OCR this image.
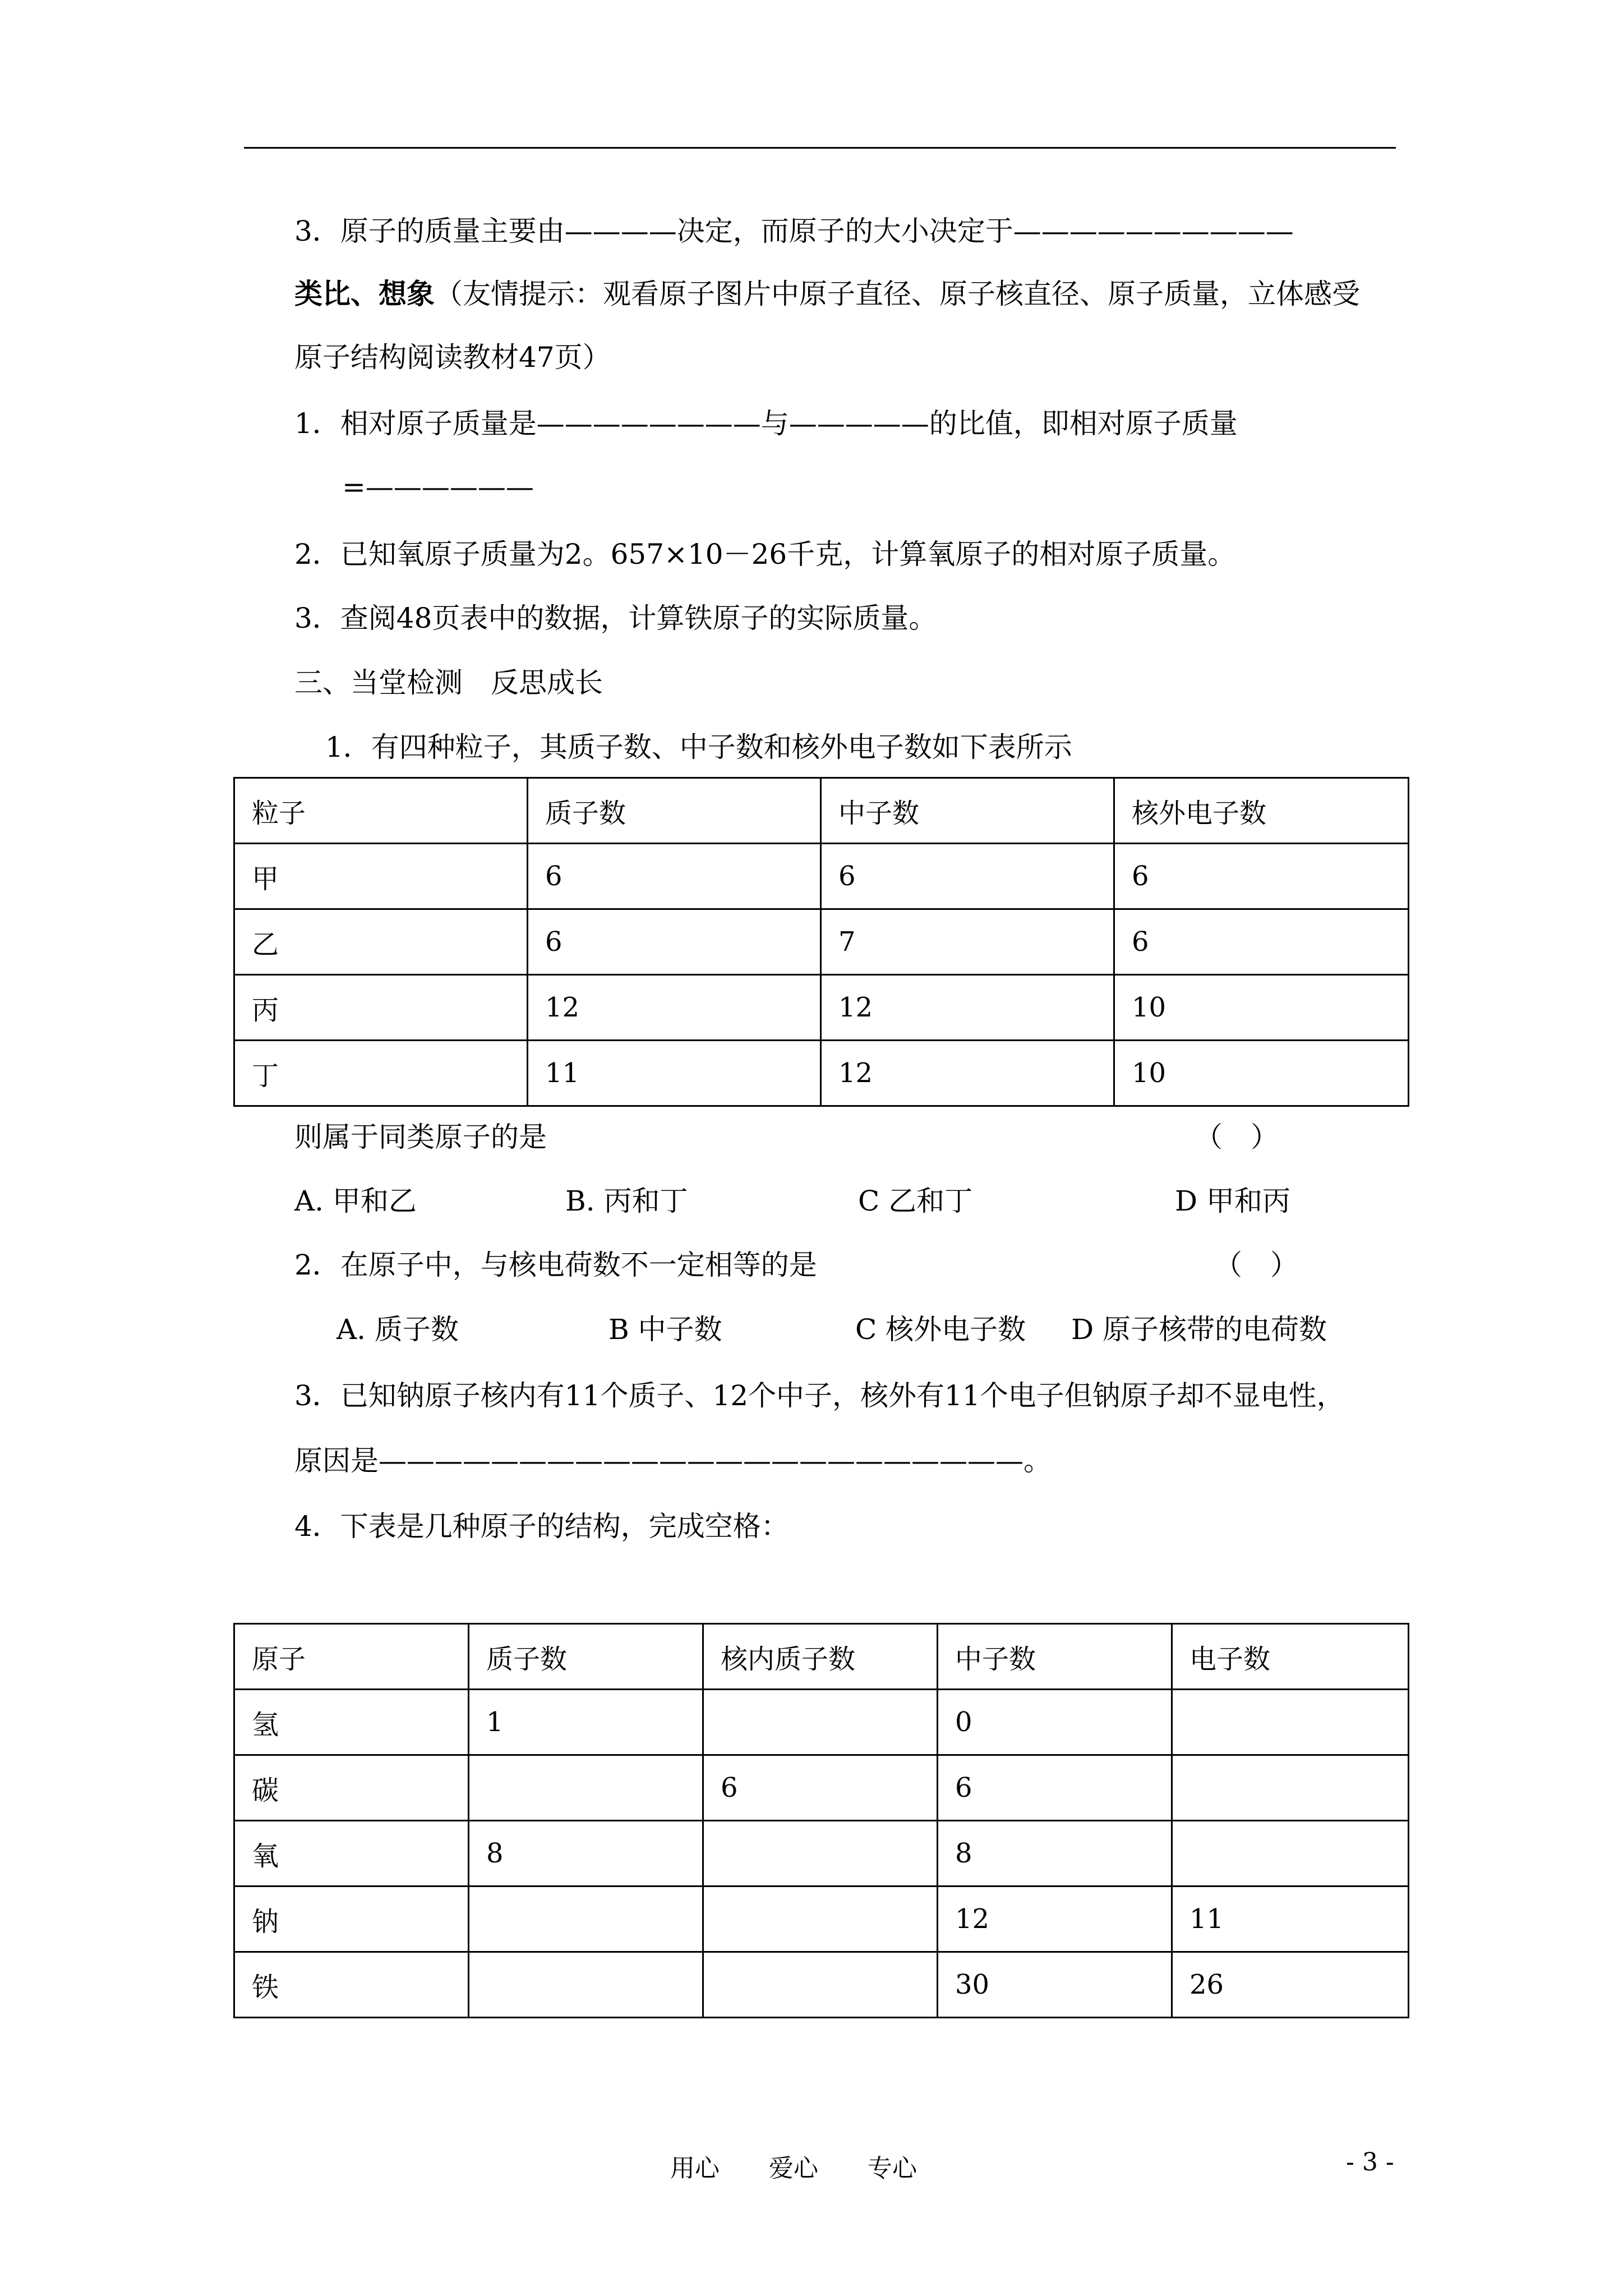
3．原子的质量主要由————决定，而原子的大小决定于——————————
类比、想象（友情提示：观看原子图片中原子直径、原子核直径、原子质量，立体感受
原子结构阅读教材47页）
1．相对原子质量是————————与—————的比值，即相对原子质量
=——————
2．已知氧原子质量为2。657×10－26千克，计算氧原子的相对原子质量。
3．查阅48页表中的数据，计算铁原子的实际质量。
三、当堂检测　反思成长
1．有四种粒子，其质子数、中子数和核外电子数如下表所示
粒子	质子数	中子数	核外电子数
甲	6	6	6
乙	6	7	6
丙	12	12	10
丁	11	12	10
则属于同类原子的是	（　）
A. 甲和乙	B. 丙和丁	C 乙和丁	D 甲和丙
2．在原子中，与核电荷数不一定相等的是	（　）
A. 质子数	B 中子数	C 核外电子数 D 原子核带的电荷数
3．已知钠原子核内有11个质子、12个中子，核外有11个电子但钠原子却不显电性，
原因是———————————————————————。
4．下表是几种原子的结构，完成空格：
原子	质子数	核内质子数	中子数	电子数
氢	1		0	
碳		6	6	
氧	8		8	
钠			12	11
铁			30	26
用心　　爱心　　专心	- 3 -
